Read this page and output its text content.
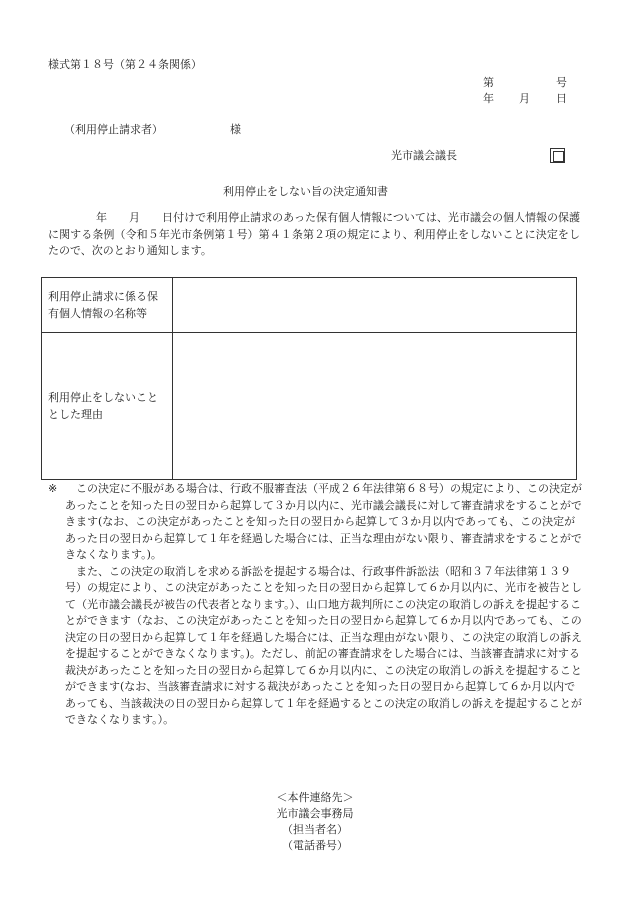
様式第１８号（第２４条関係）
第	号
年 月 日
（利用停止請求者）	様
光市議会議長
利用停止をしない旨の決定通知書

年 月 日付けで利用停止請求のあった保有個人情報については、光市議会の個人情報の保護に関する条例（令和５年光市条例第１号）第４１条第２項の規定により、利用停止をしないことに決定をしたので、次のとおり通知します。

利用停止請求に係る保有個人情報の名称等	
利用停止をしないこととした理由	
※	この決定に不服がある場合は、行政不服審査法（平成２６年法律第６８号）の規定により、この決定があったことを知った日の翌日から起算して３か月以内に、光市議会議長に対して審査請求をすることができます(なお、この決定があったことを知った日の翌日から起算して３か月以内であっても、この決定があった日の翌日から起算して１年を経過した場合には、正当な理由がない限り、審査請求をすることができなくなります。)。

また、この決定の取消しを求める訴訟を提起する場合は、行政事件訴訟法（昭和３７年法律第１３９号）の規定により、この決定があったことを知った日の翌日から起算して６か月以内に、光市を被告として（光市議会議長が被告の代表者となります。）、山口地方裁判所にこの決定の取消しの訴えを提起することができます（なお、この決定があったことを知った日の翌日から起算して６か月以内であっても、この決定の日の翌日から起算して１年を経過した場合には、正当な理由がない限り、この決定の取消しの訴えを提起することができなくなります。)。ただし、前記の審査請求をした場合には、当該審査請求に対する裁決があったことを知った日の翌日から起算して６か月以内に、この決定の取消しの訴えを提起することができます(なお、当該審査請求に対する裁決があったことを知った日の翌日から起算して６か月以内であっても、当該裁決の日の翌日から起算して１年を経過するとこの決定の取消しの訴えを提起することができなくなります。）。

＜本件連絡先＞
光市議会事務局
（担当者名）
（電話番号）
